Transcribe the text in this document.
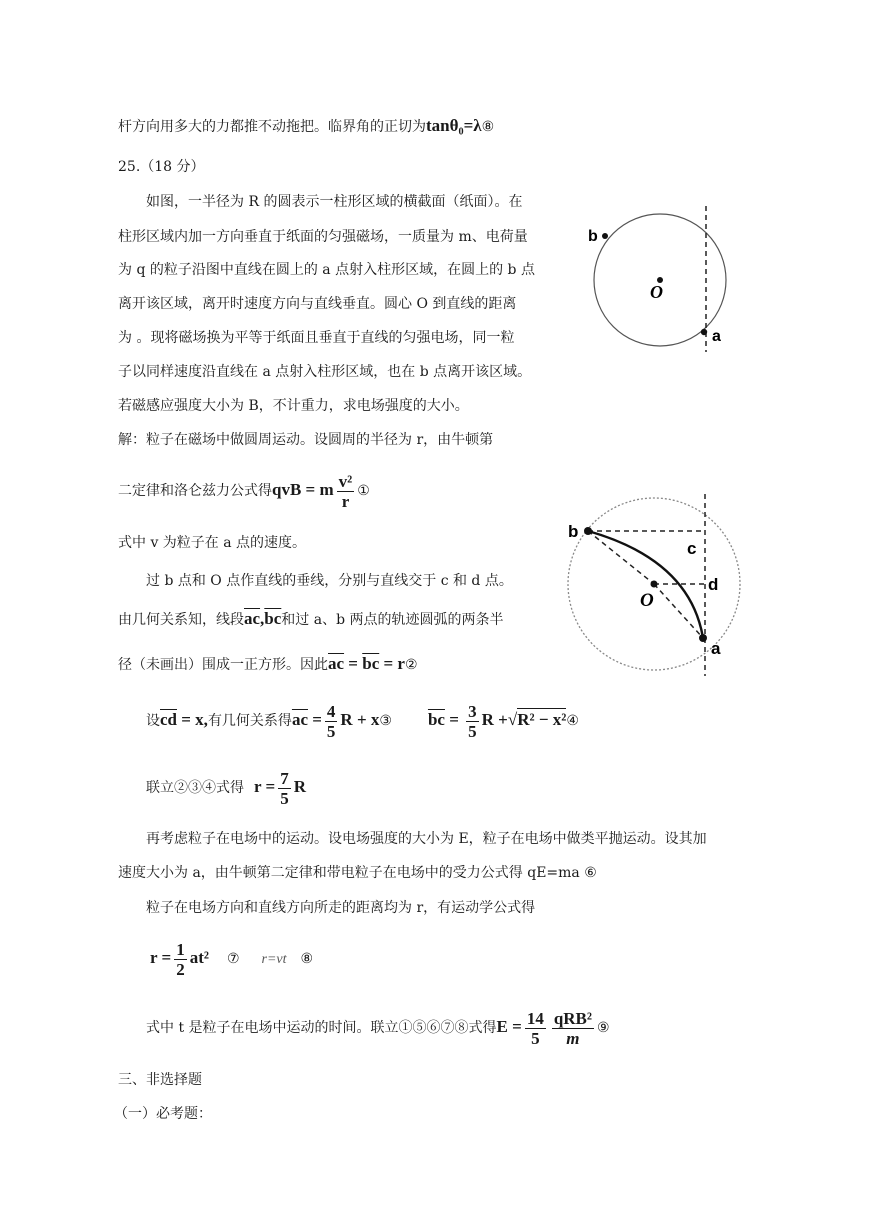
杆方向用多大的力都推不动拖把。临界角的正切为tanθ₀=λ⑧
25.（18 分）
如图，一半径为 R 的圆表示一柱形区域的横截面（纸面）。在
柱形区域内加一方向垂直于纸面的匀强磁场，一质量为 m、电荷量
为 q 的粒子沿图中直线在圆上的 a 点射入柱形区域，在圆上的 b 点
离开该区域，离开时速度方向与直线垂直。圆心 O 到直线的距离
为 。现将磁场换为平等于纸面且垂直于直线的匀强电场，同一粒
子以同样速度沿直线在 a 点射入柱形区域，也在 b 点离开该区域。
若磁感应强度大小为 B，不计重力，求电场强度的大小。
解：粒子在磁场中做圆周运动。设圆周的半径为 r，由牛顿第
b
O
a
二定律和洛仑兹力公式得qvB = m $\frac{\text{v²}}{r}$ ①
式中 v 为粒子在 a 点的速度。
过 b 点和 O 点作直线的垂线，分别与直线交于 c 和 d 点。
由几何关系知，线段$\overline{ac},\overline{bc}$和过 a、b 两点的轨迹圆弧的两条半
径（未画出）围成一正方形。因此$\overline{ac} = \overline{bc}$ = r②
b
c
O
d
a
设$\overline{cd} = x$,有几何关系得$\overline{ac} = \frac{4}{5}$ R + x③ $\overline{bc} = \frac{3}{5}$ R +√R² − x²④
联立②③④式得 $r = \frac{7}{5}$ R
再考虑粒子在电场中的运动。设电场强度的大小为 E，粒子在电场中做类平抛运动。设其加
速度大小为 a，由牛顿第二定律和带电粒子在电场中的受力公式得 qE=ma ⑥
粒子在电场方向和直线方向所走的距离均为 r，有运动学公式得
$r = \frac{1}{2} at^2$ ⑦ r=vt ⑧
式中 t 是粒子在电场中运动的时间。联立①⑤⑥⑦⑧式得$E = \frac{14}{5} \frac{\text{qRB²}}{m}$ ⑨
三、非选择题
（一）必考题：
